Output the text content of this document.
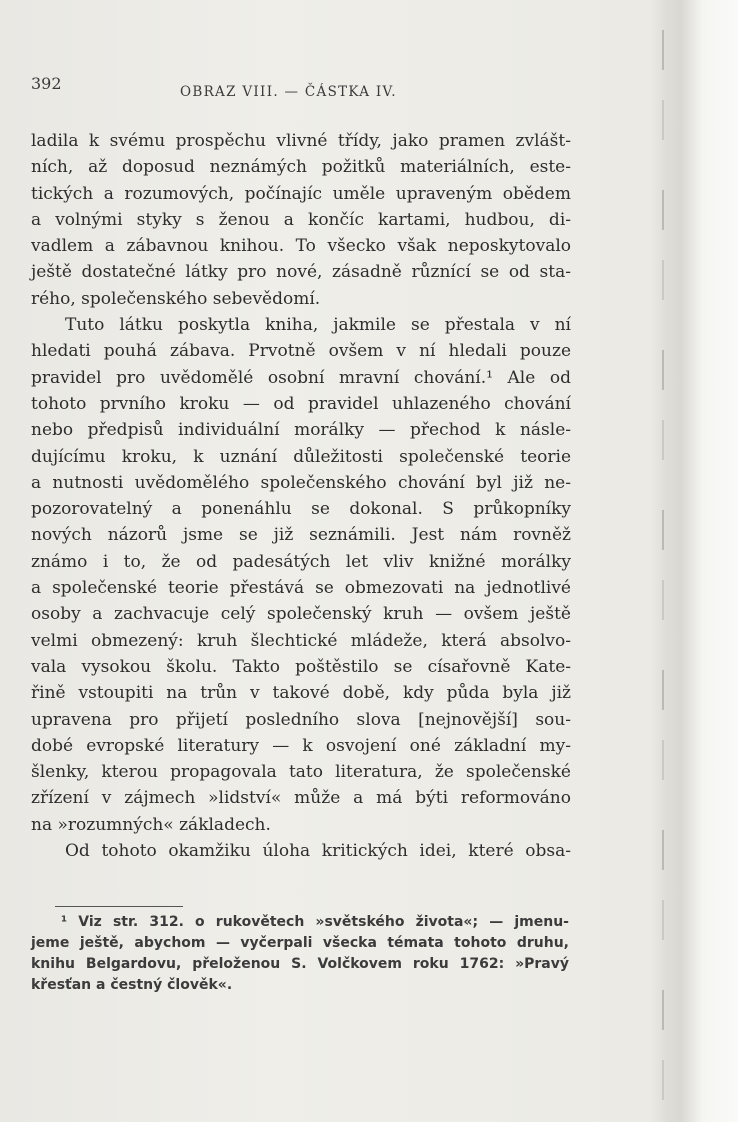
392	OBRAZ VIII. — ČÁSTKA IV.
ladila k svému prospěchu vlivné třídy, jako pramen zvlášt-
ních, až doposud neznámých požitků materiálních, este-
tických a rozumových, počínajíc uměle upraveným obědem
a volnými styky s ženou a končíc kartami, hudbou, di-
vadlem a zábavnou knihou. To všecko však neposkytovalo
ještě dostatečné látky pro nové, zásadně různící se od sta-
rého, společenského sebevědomí.
Tuto látku poskytla kniha, jakmile se přestala v ní
hledati pouhá zábava. Prvotně ovšem v ní hledali pouze
pravidel pro uvědomělé osobní mravní chování.¹ Ale od
tohoto prvního kroku — od pravidel uhlazeného chování
nebo předpisů individuální morálky — přechod k násle-
dujícímu kroku, k uznání důležitosti společenské teorie
a nutnosti uvědomělého společenského chování byl již ne-
pozorovatelný a ponenáhlu se dokonal. S průkopníky
nových názorů jsme se již seznámili. Jest nám rovněž
známo i to, že od padesátých let vliv knižné morálky
a společenské teorie přestává se obmezovati na jednotlivé
osoby a zachvacuje celý společenský kruh — ovšem ještě
velmi obmezený: kruh šlechtické mládeže, která absolvo-
vala vysokou školu. Takto poštěstilo se císařovně Kate-
řině vstoupiti na trůn v takové době, kdy půda byla již
upravena pro přijetí posledního slova [nejnovější] sou-
dobé evropské literatury — k osvojení oné základní my-
šlenky, kterou propagovala tato literatura, že společenské
zřízení v zájmech »lidství« může a má býti reformováno
na »rozumných« základech.
Od tohoto okamžiku úloha kritických idei, které obsa-
¹ Viz str. 312. o rukovětech »světského života«; — jmenu-
jeme ještě, abychom — vyčerpali všecka témata tohoto druhu,
knihu Belgardovu, přeloženou S. Volčkovem roku 1762: »Pravý
křesťan a čestný člověk«.
